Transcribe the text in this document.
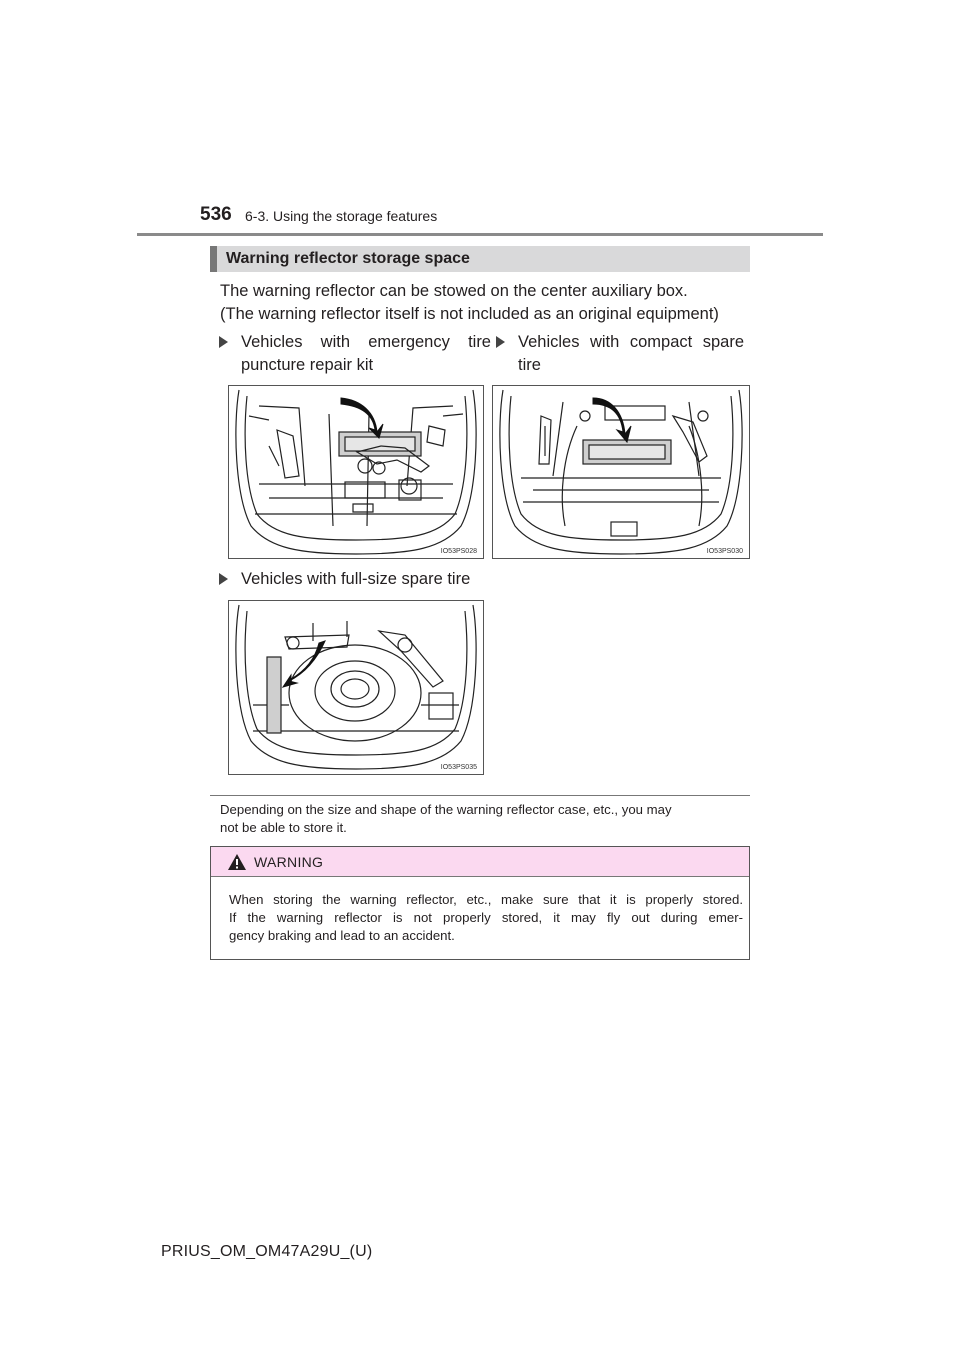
536 6-3. Using the storage features
Warning reflector storage space
The warning reflector can be stowed on the center auxiliary box.
(The warning reflector itself is not included as an original equipment)
Vehicles with emergency tire
puncture repair kit
Vehicles with compact spare
tire
IO53PS028	IO53PS030
Vehicles with full-size spare tire
IO53PS035
Depending on the size and shape of the warning reflector case, etc., you may
not be able to store it.
WARNING
When storing the warning reflector, etc., make sure that it is properly stored.
If the warning reflector is not properly stored, it may fly out during emer-
gency braking and lead to an accident.
PRIUS_OM_OM47A29U_(U)
